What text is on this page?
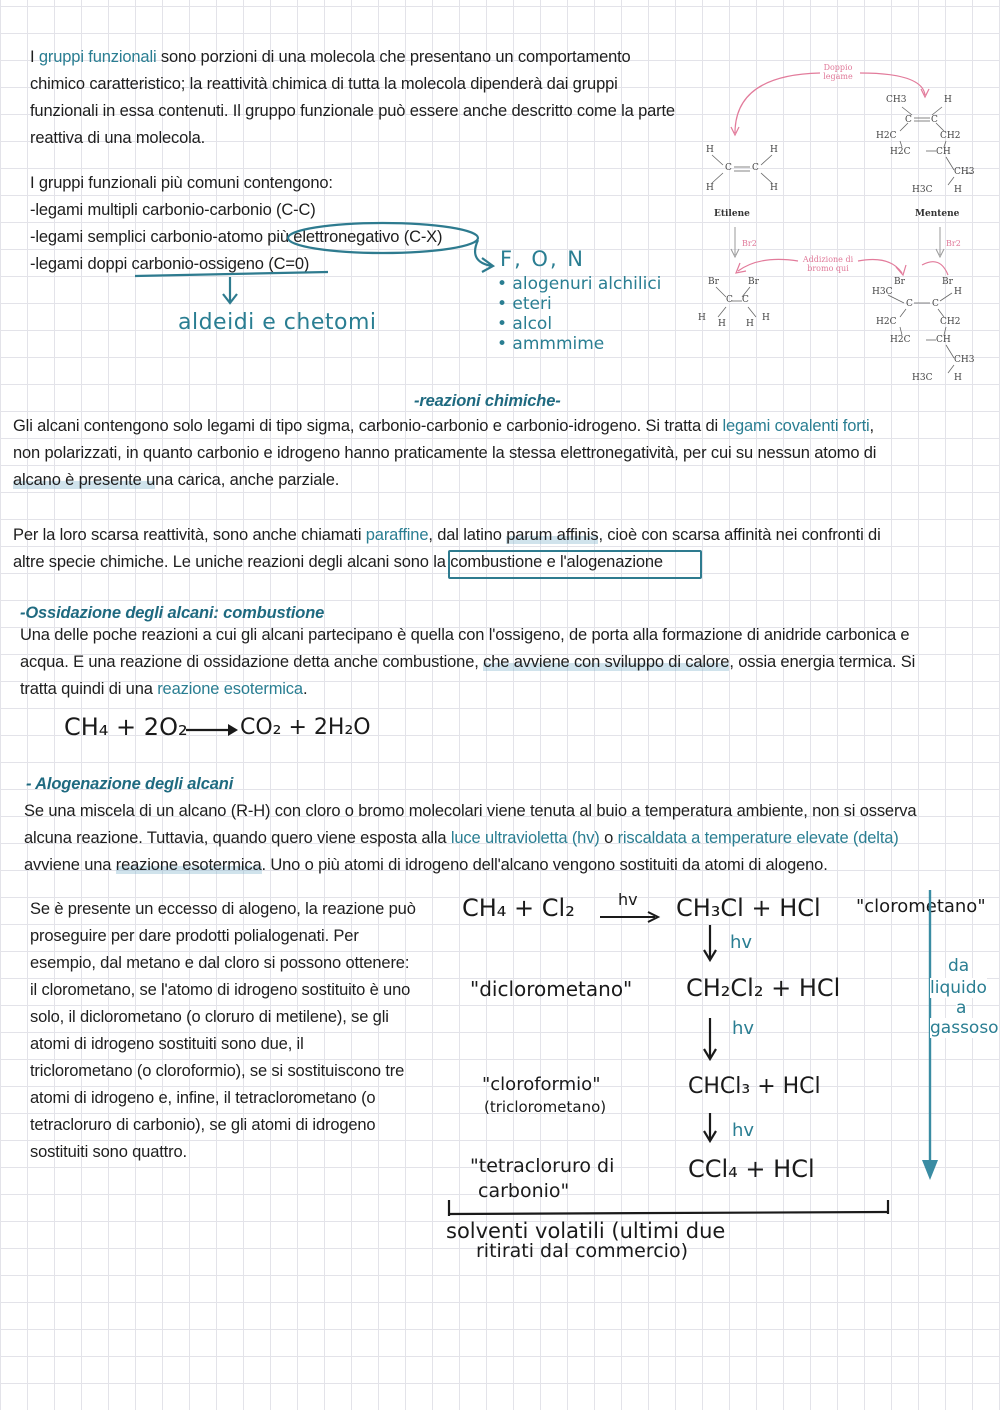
I gruppi funzionali sono porzioni di una molecola che presentano un comportamento
chimico caratteristico; la reattività chimica di tutta la molecola dipenderà dai gruppi
funzionali in essa contenuti. Il gruppo funzionale può essere anche descritto come la parte
reattiva di una molecola.
I gruppi funzionali più comuni contengono:
-legami multipli carbonio-carbonio (C-C)
-legami semplici carbonio-atomo più elettronegativo (C-X)
-legami doppi carbonio-ossigeno (C=0)
aldeidi e chetomi
F, O, N
• alogenuri alchilici
• eteri
• alcol
• ammmime
Doppio legame
H	H
C C
H	H
Etilene
CH3	H
C C
H2C	CH2
H2C	CH
CH3
H3C H
Mentene
Br2	Br2
Addizione di bromo qui
Br	Br
C C
H
H H
H
Br	Br
H3C	H
C C
H2C	CH2
H2C	CH
CH3
H3C H
-reazioni chimiche-
Gli alcani contengono solo legami di tipo sigma, carbonio-carbonio e carbonio-idrogeno. Si tratta di legami covalenti forti,
non polarizzati, in quanto carbonio e idrogeno hanno praticamente la stessa elettronegatività, per cui su nessun atomo di
alcano è presente una carica, anche parziale.
Per la loro scarsa reattività, sono anche chiamati paraffine, dal latino parum affinis, cioè con scarsa affinità nei confronti di
altre specie chimiche. Le uniche reazioni degli alcani sono la combustione e l'alogenazione
-Ossidazione degli alcani: combustione
Una delle poche reazioni a cui gli alcani partecipano è quella con l'ossigeno, de porta alla formazione di anidride carbonica e
acqua. E una reazione di ossidazione detta anche combustione, che avviene con sviluppo di calore, ossia energia termica. Si
tratta quindi di una reazione esotermica.
CH₄ + 2O₂ CO₂ + 2H₂O
- Alogenazione degli alcani
Se una miscela di un alcano (R-H) con cloro o bromo molecolari viene tenuta al buio a temperatura ambiente, non si osserva
alcuna reazione. Tuttavia, quando quero viene esposta alla luce ultravioletta (hv) o riscaldata a temperature elevate (delta)
avviene una reazione esotermica. Uno o più atomi di idrogeno dell'alcano vengono sostituiti da atomi di alogeno.
Se è presente un eccesso di alogeno, la reazione può
proseguire per dare prodotti polialogenati. Per
esempio, dal metano e dal cloro si possono ottenere:
il clorometano, se l'atomo di idrogeno sostituito è uno
solo, il diclorometano (o cloruro di metilene), se gli
atomi di idrogeno sostituiti sono due, il
triclorometano (o cloroformio), se si sostituiscono tre
atomi di idrogeno e, infine, il tetraclorometano (o
tetracloruro di carbonio), se gli atomi di idrogeno
sostituiti sono quattro.
CH₄ + Cl₂	hv CH₃Cl + HCl "clorometano"
hv
"diclorometano" CH₂Cl₂ + HCl
hv
"cloroformio"
(triclorometano)
CHCl₃ + HCl
hv
"tetracloruro di
carbonio"
CCl₄ + HCl
da
liquido
a
gassoso
solventi volatili (ultimi due
ritirati dal commercio)
